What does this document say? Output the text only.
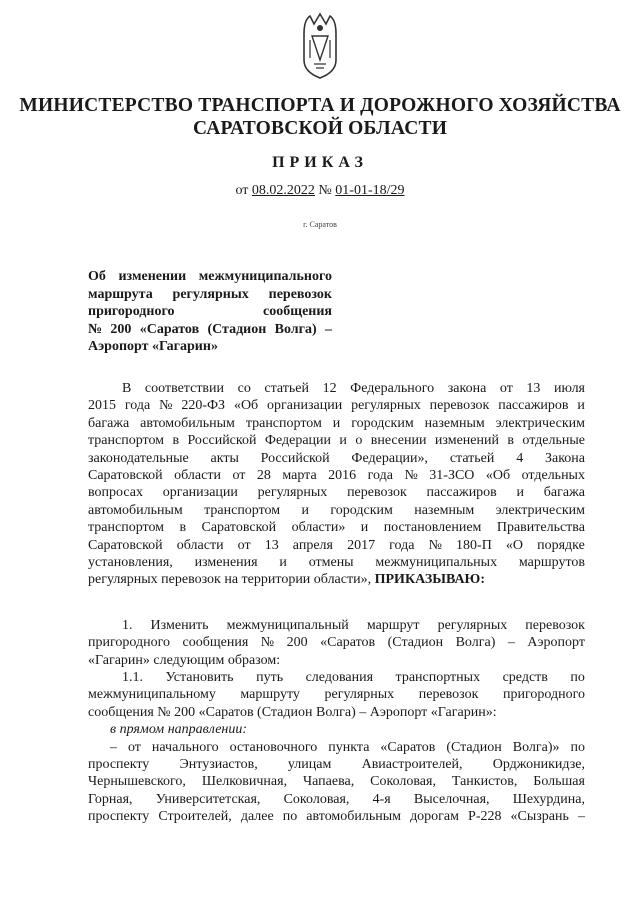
МИНИСТЕРСТВО ТРАНСПОРТА И ДОРОЖНОГО ХОЗЯЙСТВА
САРАТОВСКОЙ ОБЛАСТИ
ПРИКАЗ
от 08.02.2022 № 01-01-18/29
г. Саратов
Об изменении межмуниципального
маршрута регулярных перевозок
пригородного	сообщения
№ 200 «Саратов (Стадион Волга) –
Аэропорт «Гагарин»
В соответствии со статьей 12 Федерального закона от 13 июля
2015 года № 220-ФЗ «Об организации регулярных перевозок пассажиров и
багажа автомобильным транспортом и городским наземным электрическим
транспортом в Российской Федерации и о внесении изменений в отдельные
законодательные акты Российской Федерации», статьей 4 Закона
Саратовской области от 28 марта 2016 года № 31-ЗСО «Об отдельных
вопросах организации регулярных перевозок пассажиров и багажа
автомобильным транспортом и городским наземным электрическим
транспортом в Саратовской области» и постановлением Правительства
Саратовской области от 13 апреля 2017 года № 180-П «О порядке
установления, изменения и отмены межмуниципальных маршрутов
регулярных перевозок на территории области», ПРИКАЗЫВАЮ:
1. Изменить межмуниципальный маршрут регулярных перевозок
пригородного сообщения № 200 «Саратов (Стадион Волга) – Аэропорт
«Гагарин» следующим образом:
1.1. Установить путь следования транспортных средств по
межмуниципальному маршруту регулярных перевозок пригородного
сообщения № 200 «Саратов (Стадион Волга) – Аэропорт «Гагарин»:
в прямом направлении:
– от начального остановочного пункта «Саратов (Стадион Волга)» по
проспекту Энтузиастов, улицам Авиастроителей, Орджоникидзе,
Чернышевского, Шелковичная, Чапаева, Соколовая, Танкистов, Большая
Горная, Университетская, Соколовая, 4-я Выселочная, Шехурдина,
проспекту Строителей, далее по автомобильным дорогам Р-228 «Сызрань –
